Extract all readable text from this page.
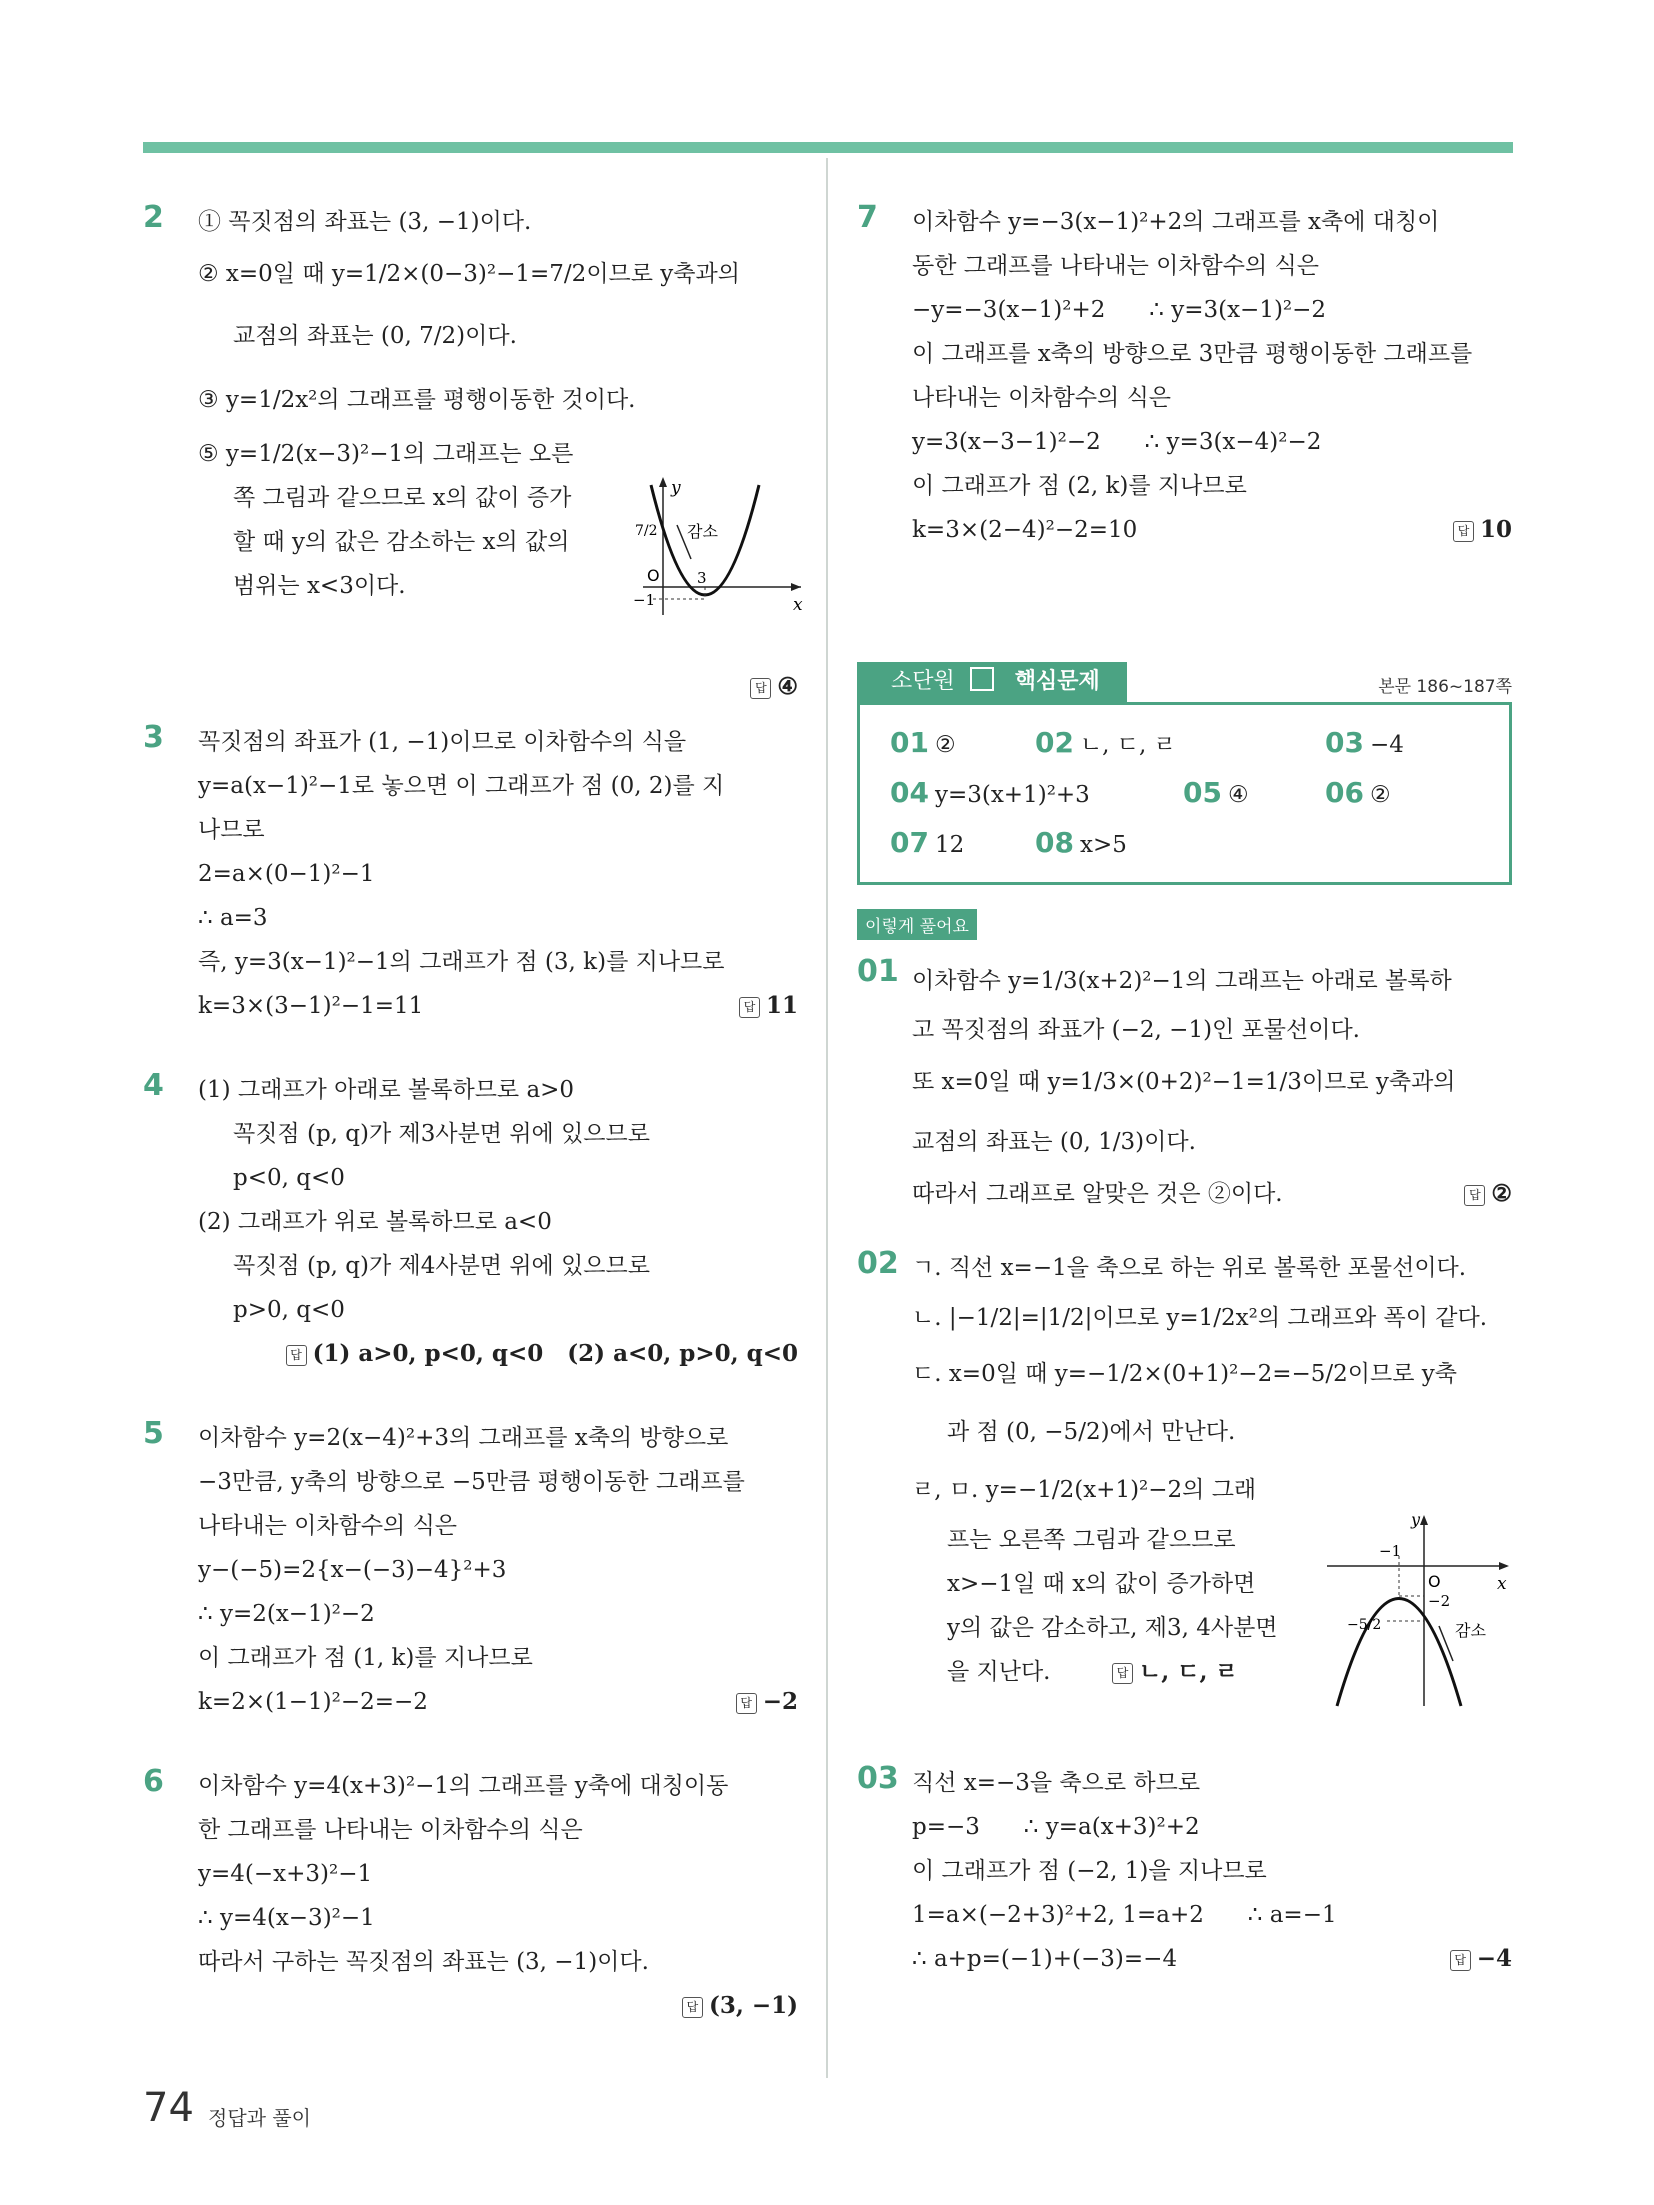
2 ① 꼭짓점의 좌표는 (3, −1)이다.
② x=0일 때 y=1/2×(0−3)²−1=7/2이므로 y축과의
교점의 좌표는 (0, 7/2)이다.
③ y=1/2x²의 그래프를 평행이동한 것이다.
⑤ y=1/2(x−3)²−1의 그래프는 오른
쪽 그림과 같으므로 x의 값이 증가
할 때 y의 값은 감소하는 x의 값의
범위는 x<3이다.
답 ④
y
x
O
7/2
3
−1
감소
3 꼭짓점의 좌표가 (1, −1)이므로 이차함수의 식을
y=a(x−1)²−1로 놓으면 이 그래프가 점 (0, 2)를 지
나므로
2=a×(0−1)²−1
∴ a=3
즉, y=3(x−1)²−1의 그래프가 점 (3, k)를 지나므로
k=3×(3−1)²−1=11	답 11
4 (1) 그래프가 아래로 볼록하므로 a>0
꼭짓점 (p, q)가 제3사분면 위에 있으므로
p<0, q<0
(2) 그래프가 위로 볼록하므로 a<0
꼭짓점 (p, q)가 제4사분면 위에 있으므로
p>0, q<0
답 (1) a>0, p<0, q<0   (2) a<0, p>0, q<0
5 이차함수 y=2(x−4)²+3의 그래프를 x축의 방향으로
−3만큼, y축의 방향으로 −5만큼 평행이동한 그래프를
나타내는 이차함수의 식은
y−(−5)=2{x−(−3)−4}²+3
∴ y=2(x−1)²−2
이 그래프가 점 (1, k)를 지나므로
k=2×(1−1)²−2=−2	답 −2
6 이차함수 y=4(x+3)²−1의 그래프를 y축에 대칭이동
한 그래프를 나타내는 이차함수의 식은
y=4(−x+3)²−1
∴ y=4(x−3)²−1
따라서 구하는 꼭짓점의 좌표는 (3, −1)이다.
답 (3, −1)
7 이차함수 y=−3(x−1)²+2의 그래프를 x축에 대칭이
동한 그래프를 나타내는 이차함수의 식은
−y=−3(x−1)²+2      ∴ y=3(x−1)²−2
이 그래프를 x축의 방향으로 3만큼 평행이동한 그래프를
나타내는 이차함수의 식은
y=3(x−3−1)²−2      ∴ y=3(x−4)²−2
이 그래프가 점 (2, k)를 지나므로
k=3×(2−4)²−2=10	답 10
소단원	핵심문제	본문 186~187쪽
01 ②	02 ㄴ, ㄷ, ㄹ	03 −4
04 y=3(x+1)²+3	05 ④	06 ②
07 12	08 x>5
이렇게 풀어요
01 이차함수 y=1/3(x+2)²−1의 그래프는 아래로 볼록하
고 꼭짓점의 좌표가 (−2, −1)인 포물선이다.
또 x=0일 때 y=1/3×(0+2)²−1=1/3이므로 y축과의
교점의 좌표는 (0, 1/3)이다.
따라서 그래프로 알맞은 것은 ②이다.	답 ②
02 ㄱ. 직선 x=−1을 축으로 하는 위로 볼록한 포물선이다.
ㄴ. |−1/2|=|1/2|이므로 y=1/2x²의 그래프와 폭이 같다.
ㄷ. x=0일 때 y=−1/2×(0+1)²−2=−5/2이므로 y축
과 점 (0, −5/2)에서 만난다.
ㄹ, ㅁ. y=−1/2(x+1)²−2의 그래
프는 오른쪽 그림과 같으므로
x>−1일 때 x의 값이 증가하면
y의 값은 감소하고, 제3, 4사분면
을 지난다.	답 ㄴ, ㄷ, ㄹ
y
x
O
−1
−2
−5/2	감소
03 직선 x=−3을 축으로 하므로
p=−3      ∴ y=a(x+3)²+2
이 그래프가 점 (−2, 1)을 지나므로
1=a×(−2+3)²+2, 1=a+2      ∴ a=−1
∴ a+p=(−1)+(−3)=−4	답 −4
74 정답과 풀이
